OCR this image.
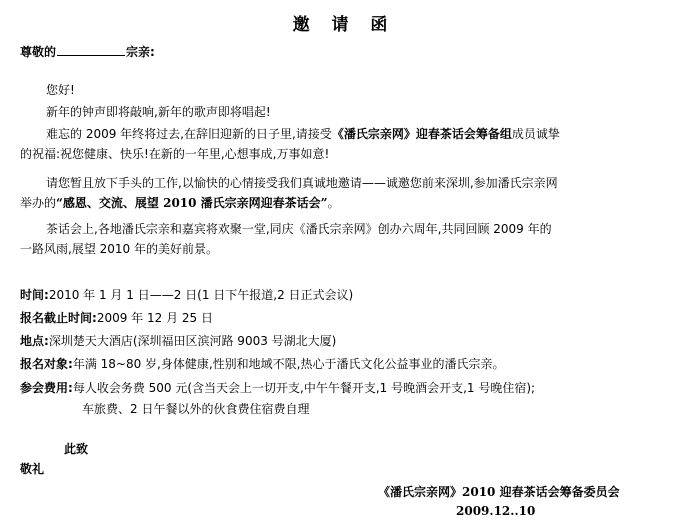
邀 请 函
尊敬的	宗亲:
您好!
新年的钟声即将敲响,新年的歌声即将唱起!
难忘的 2009 年终将过去,在辞旧迎新的日子里,请接受《潘氏宗亲网》迎春茶话会筹备组成员诚挚
的祝福:祝您健康、快乐!在新的一年里,心想事成,万事如意!
请您暂且放下手头的工作,以愉快的心情接受我们真诚地邀请——诚邀您前来深圳,参加潘氏宗亲网
举办的“感恩、交流、展望 2010 潘氏宗亲网迎春茶话会”。
茶话会上,各地潘氏宗亲和嘉宾将欢聚一堂,同庆《潘氏宗亲网》创办六周年,共同回顾 2009 年的
一路风雨,展望 2010 年的美好前景。
时间:2010 年 1 月 1 日——2 日(1 日下午报道,2 日正式会议)
报名截止时间:2009 年 12 月 25 日
地点:深圳楚天大酒店(深圳福田区滨河路 9003 号湖北大厦)
报名对象:年满 18~80 岁,身体健康,性别和地域不限,热心于潘氏文化公益事业的潘氏宗亲。
参会费用:每人收会务费 500 元(含当天会上一切开支,中午午餐开支,1 号晚酒会开支,1 号晚住宿);
车旅费、2 日午餐以外的伙食费住宿费自理
此致
敬礼
《潘氏宗亲网》2010 迎春茶话会筹备委员会
2009.12..10
